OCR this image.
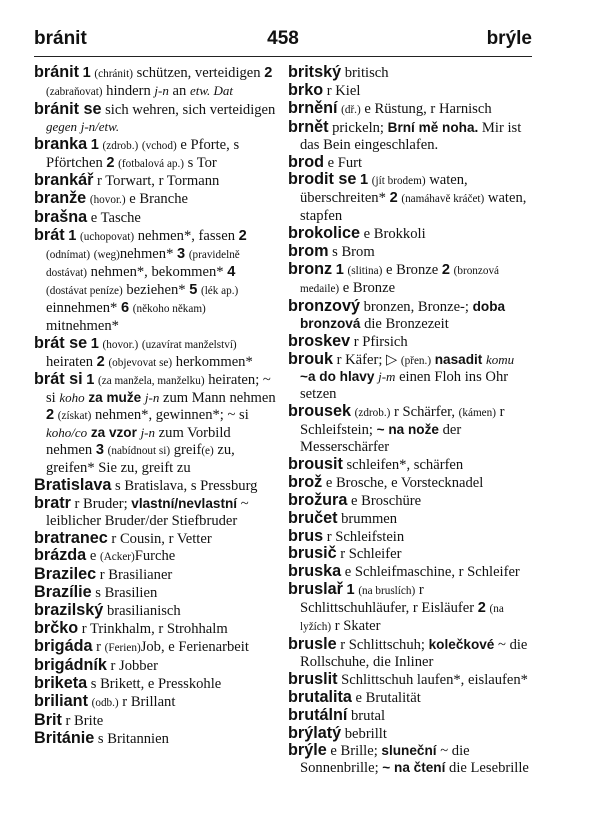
bránit	458	brýle

bránit 1 (chránit) schützen, verteidigen 2 (zabraňovat) hindern j-n an etw. Dat

bránit se sich wehren, sich verteidigen gegen j-n/etw.

branka 1 (zdrob.) (vchod) e Pforte, s Pförtchen 2 (fotbalová ap.) s Tor

brankář r Torwart, r Tormann

branže (hovor.) e Branche

brašna e Tasche

brát 1 (uchopovat) nehmen*, fassen 2 (odnímat) (weg)nehmen* 3 (pravidelně dostávat) nehmen*, bekommen* 4 (dostávat peníze) beziehen* 5 (lék ap.) einnehmen* 6 (někoho někam) mitnehmen*

brát se 1 (hovor.) (uzavírat manželství) heiraten 2 (objevovat se) herkommen*

brát si 1 (za manžela, manželku) heiraten; ~ si koho za muže j-n zum Mann nehmen 2 (získat) nehmen*, gewinnen*; ~ si koho/co za vzor j-n zum Vorbild nehmen 3 (nabídnout si) greif(e) zu, greifen* Sie zu, greift zu

Bratislava s Bratislava, s Pressburg

bratr r Bruder; vlastní/nevlastní ~ leiblicher Bruder/der Stiefbruder

bratranec r Cousin, r Vetter

brázda e (Acker)Furche

Brazilec r Brasilianer

Brazílie s Brasilien

brazilský brasilianisch

brčko r Trinkhalm, r Strohhalm

brigáda r (Ferien)Job, e Ferienarbeit

brigádník r Jobber

briketa s Brikett, e Presskohle

briliant (odb.) r Brillant

Brit r Brite

Británie s Britannien

britský britisch

brko r Kiel

brnění (dř.) e Rüstung, r Harnisch

brnět prickeln; Brní mě noha. Mir ist das Bein eingeschlafen.

brod e Furt

brodit se 1 (jít brodem) waten, überschreiten* 2 (namáhavě kráčet) waten, stapfen

brokolice e Brokkoli

brom s Brom

bronz 1 (slitina) e Bronze 2 (bronzová medaile) e Bronze

bronzový bronzen, Bronze-; doba bronzová die Bronzezeit

broskev r Pfirsich

brouk r Käfer; ▷ (přen.) nasadit komu ~a do hlavy j-m einen Floh ins Ohr setzen

brousek (zdrob.) r Schärfer, (kámen) r Schleifstein; ~ na nože der Messerschärfer

brousit schleifen*, schärfen

brož e Brosche, e Vorstecknadel

brožura e Broschüre

bručet brummen

brus r Schleifstein

brusič r Schleifer

bruska e Schleifmaschine, r Schleifer

bruslař 1 (na bruslích) r Schlittschuhläufer, r Eisläufer 2 (na lyžích) r Skater

brusle r Schlittschuh; kolečkové ~ die Rollschuhe, die Inliner

bruslit Schlittschuh laufen*, eislaufen*

brutalita e Brutalität

brutální brutal

brýlatý bebrillt

brýle e Brille; sluneční ~ die Sonnenbrille; ~ na čtení die Lesebrille
